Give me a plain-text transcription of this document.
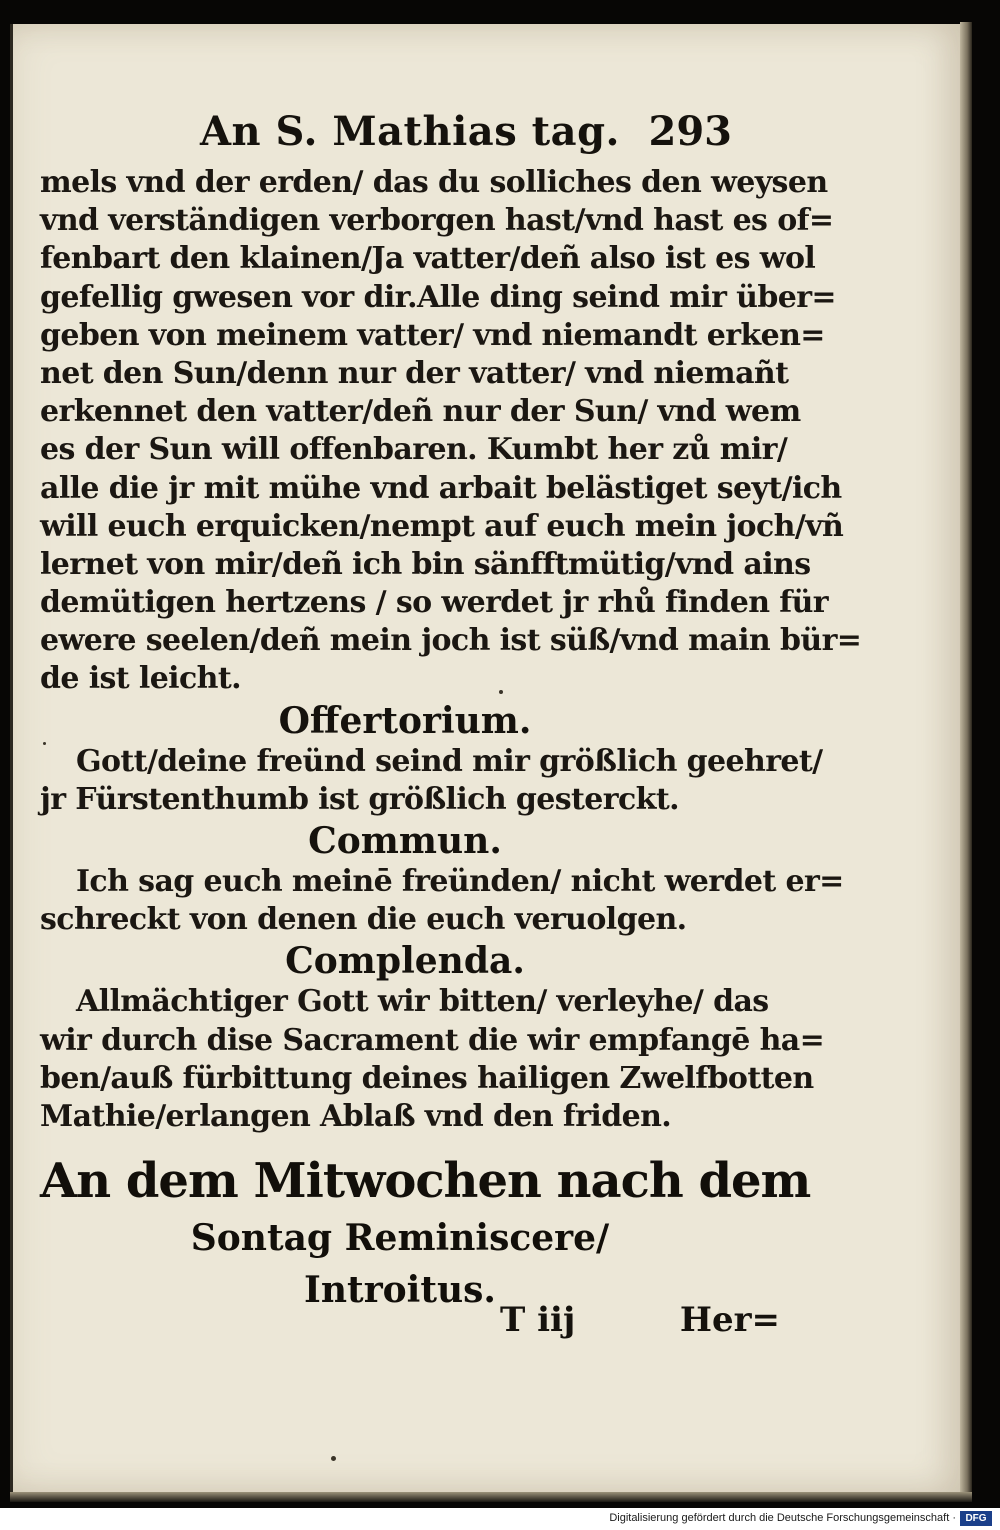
An S. Mathias tag. 293
mels vnd der erden/ das du solliches den weysen
vnd verständigen verborgen hast/vnd hast es of=
fenbart den klainen/Ja vatter/deñ also ist es wol
gefellig gwesen vor dir.Alle ding seind mir über=
geben von meinem vatter/ vnd niemandt erken=
net den Sun/denn nur der vatter/ vnd niemañt
erkennet den vatter/deñ nur der Sun/ vnd wem
es der Sun will offenbaren. Kumbt her zů mir/
alle die jr mit mühe vnd arbait belästiget seyt/ich
will euch erquicken/nempt auf euch mein joch/vñ
lernet von mir/deñ ich bin sänfftmütig/vnd ains
demütigen hertzens / so werdet jr rhů finden für
ewere seelen/deñ mein joch ist süß/vnd main bür=
de ist leicht.
Offertorium.
Gott/deine freünd seind mir größlich geehret/
jr Fürstenthumb ist größlich gesterckt.
Commun.
Ich sag euch meinē freünden/ nicht werdet er=
schreckt von denen die euch veruolgen.
Complenda.
Allmächtiger Gott wir bitten/ verleyhe/ das
wir durch dise Sacrament die wir empfangē ha=
ben/auß fürbittung deines hailigen Zwelfbotten
Mathie/erlangen Ablaß vnd den friden.
An dem Mitwochen nach dem
Sontag Reminiscere/
Introitus.
T iij	Her=
Digitalisierung gefördert durch die Deutsche Forschungsgemeinschaft · DFG
